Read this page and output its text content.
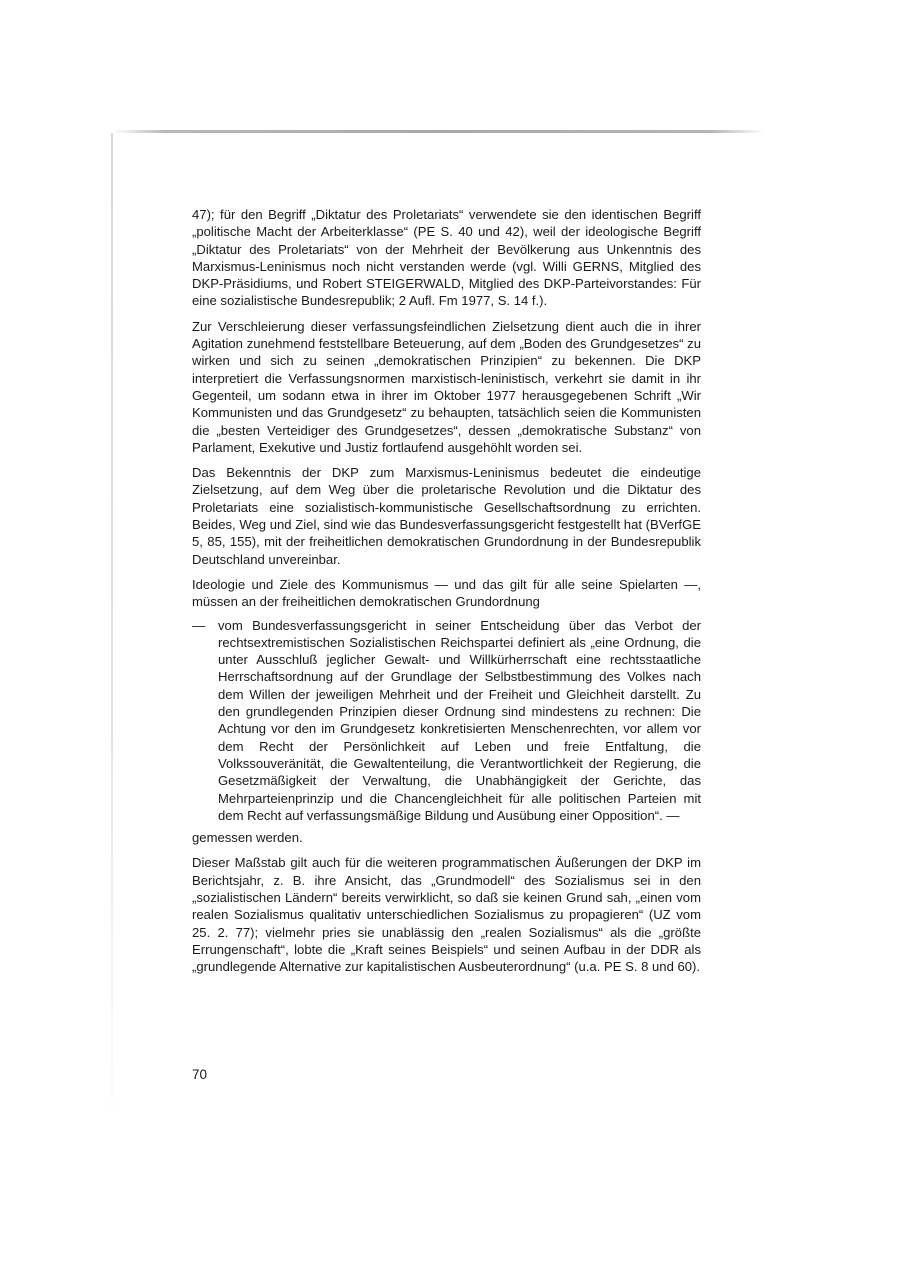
47); für den Begriff „Diktatur des Proletariats“ verwendete sie den identischen Begriff „politische Macht der Arbeiterklasse“ (PE S. 40 und 42), weil der ideologische Begriff „Diktatur des Proletariats“ von der Mehrheit der Bevölkerung aus Unkenntnis des Marxismus-Leninismus noch nicht verstanden werde (vgl. Willi GERNS, Mitglied des DKP-Präsidiums, und Robert STEIGERWALD, Mitglied des DKP-Parteivorstandes: Für eine sozialistische Bundesrepublik; 2 Aufl. Fm 1977, S. 14 f.).

Zur Verschleierung dieser verfassungsfeindlichen Zielsetzung dient auch die in ihrer Agitation zunehmend feststellbare Beteuerung, auf dem „Boden des Grundgesetzes“ zu wirken und sich zu seinen „demokratischen Prinzipien“ zu bekennen. Die DKP interpretiert die Verfassungsnormen marxistisch-leninistisch, verkehrt sie damit in ihr Gegenteil, um sodann etwa in ihrer im Oktober 1977 herausgegebenen Schrift „Wir Kommunisten und das Grundgesetz“ zu behaupten, tatsächlich seien die Kommunisten die „besten Verteidiger des Grundgesetzes“, dessen „demokratische Substanz“ von Parlament, Exekutive und Justiz fortlaufend ausgehöhlt worden sei.

Das Bekenntnis der DKP zum Marxismus-Leninismus bedeutet die eindeutige Zielsetzung, auf dem Weg über die proletarische Revolution und die Diktatur des Proletariats eine sozialistisch-kommunistische Gesellschaftsordnung zu errichten. Beides, Weg und Ziel, sind wie das Bundesverfassungsgericht festgestellt hat (BVerfGE 5, 85, 155), mit der freiheitlichen demokratischen Grundordnung in der Bundesrepublik Deutschland unvereinbar.

Ideologie und Ziele des Kommunismus — und das gilt für alle seine Spielarten —, müssen an der freiheitlichen demokratischen Grundordnung

— vom Bundesverfassungsgericht in seiner Entscheidung über das Verbot der rechtsextremistischen Sozialistischen Reichspartei definiert als „eine Ordnung, die unter Ausschluß jeglicher Gewalt- und Willkürherrschaft eine rechtsstaatliche Herrschaftsordnung auf der Grundlage der Selbstbestimmung des Volkes nach dem Willen der jeweiligen Mehrheit und der Freiheit und Gleichheit darstellt. Zu den grundlegenden Prinzipien dieser Ordnung sind mindestens zu rechnen: Die Achtung vor den im Grundgesetz konkretisierten Menschenrechten, vor allem vor dem Recht der Persönlichkeit auf Leben und freie Entfaltung, die Volkssouveränität, die Gewaltenteilung, die Verantwortlichkeit der Regierung, die Gesetzmäßigkeit der Verwaltung, die Unabhängigkeit der Gerichte, das Mehrparteienprinzip und die Chancengleichheit für alle politischen Parteien mit dem Recht auf verfassungsmäßige Bildung und Ausübung einer Opposition“. —

gemessen werden.

Dieser Maßstab gilt auch für die weiteren programmatischen Äußerungen der DKP im Berichtsjahr, z. B. ihre Ansicht, das „Grundmodell“ des Sozialismus sei in den „sozialistischen Ländern“ bereits verwirklicht, so daß sie keinen Grund sah, „einen vom realen Sozialismus qualitativ unterschiedlichen Sozialismus zu propagieren“ (UZ vom 25. 2. 77); vielmehr pries sie unablässig den „realen Sozialismus“ als die „größte Errungenschaft“, lobte die „Kraft seines Beispiels“ und seinen Aufbau in der DDR als „grundlegende Alternative zur kapitalistischen Ausbeuterordnung“ (u.a. PE S. 8 und 60).

70
